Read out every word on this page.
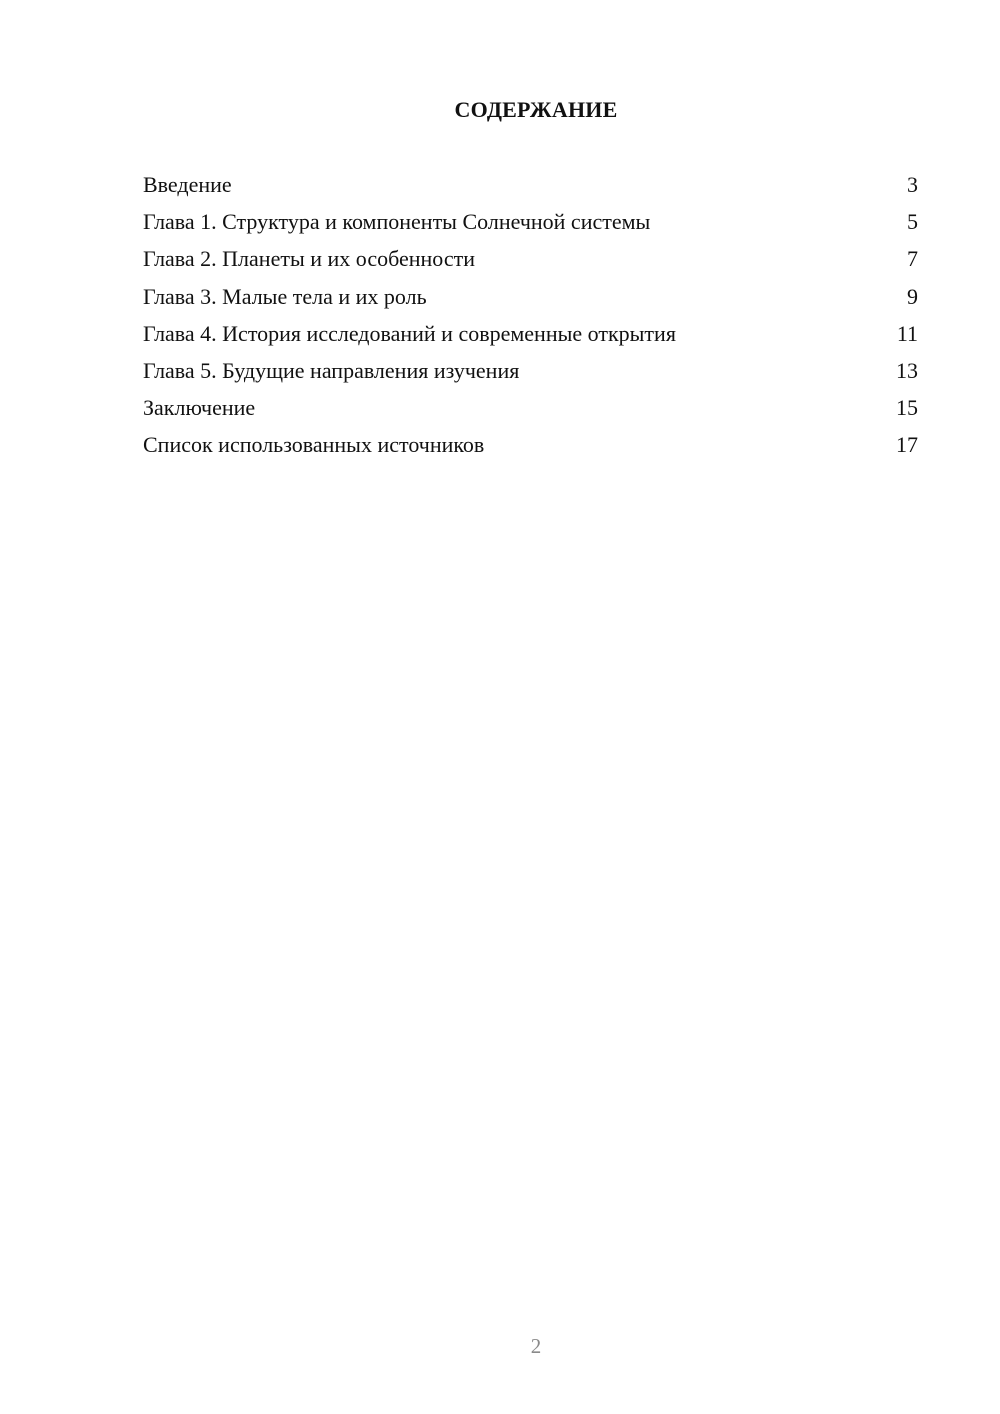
СОДЕРЖАНИЕ
Введение	3
Глава 1. Структура и компоненты Солнечной системы	5
Глава 2. Планеты и их особенности	7
Глава 3. Малые тела и их роль	9
Глава 4. История исследований и современные открытия	11
Глава 5. Будущие направления изучения	13
Заключение	15
Список использованных источников	17
2
